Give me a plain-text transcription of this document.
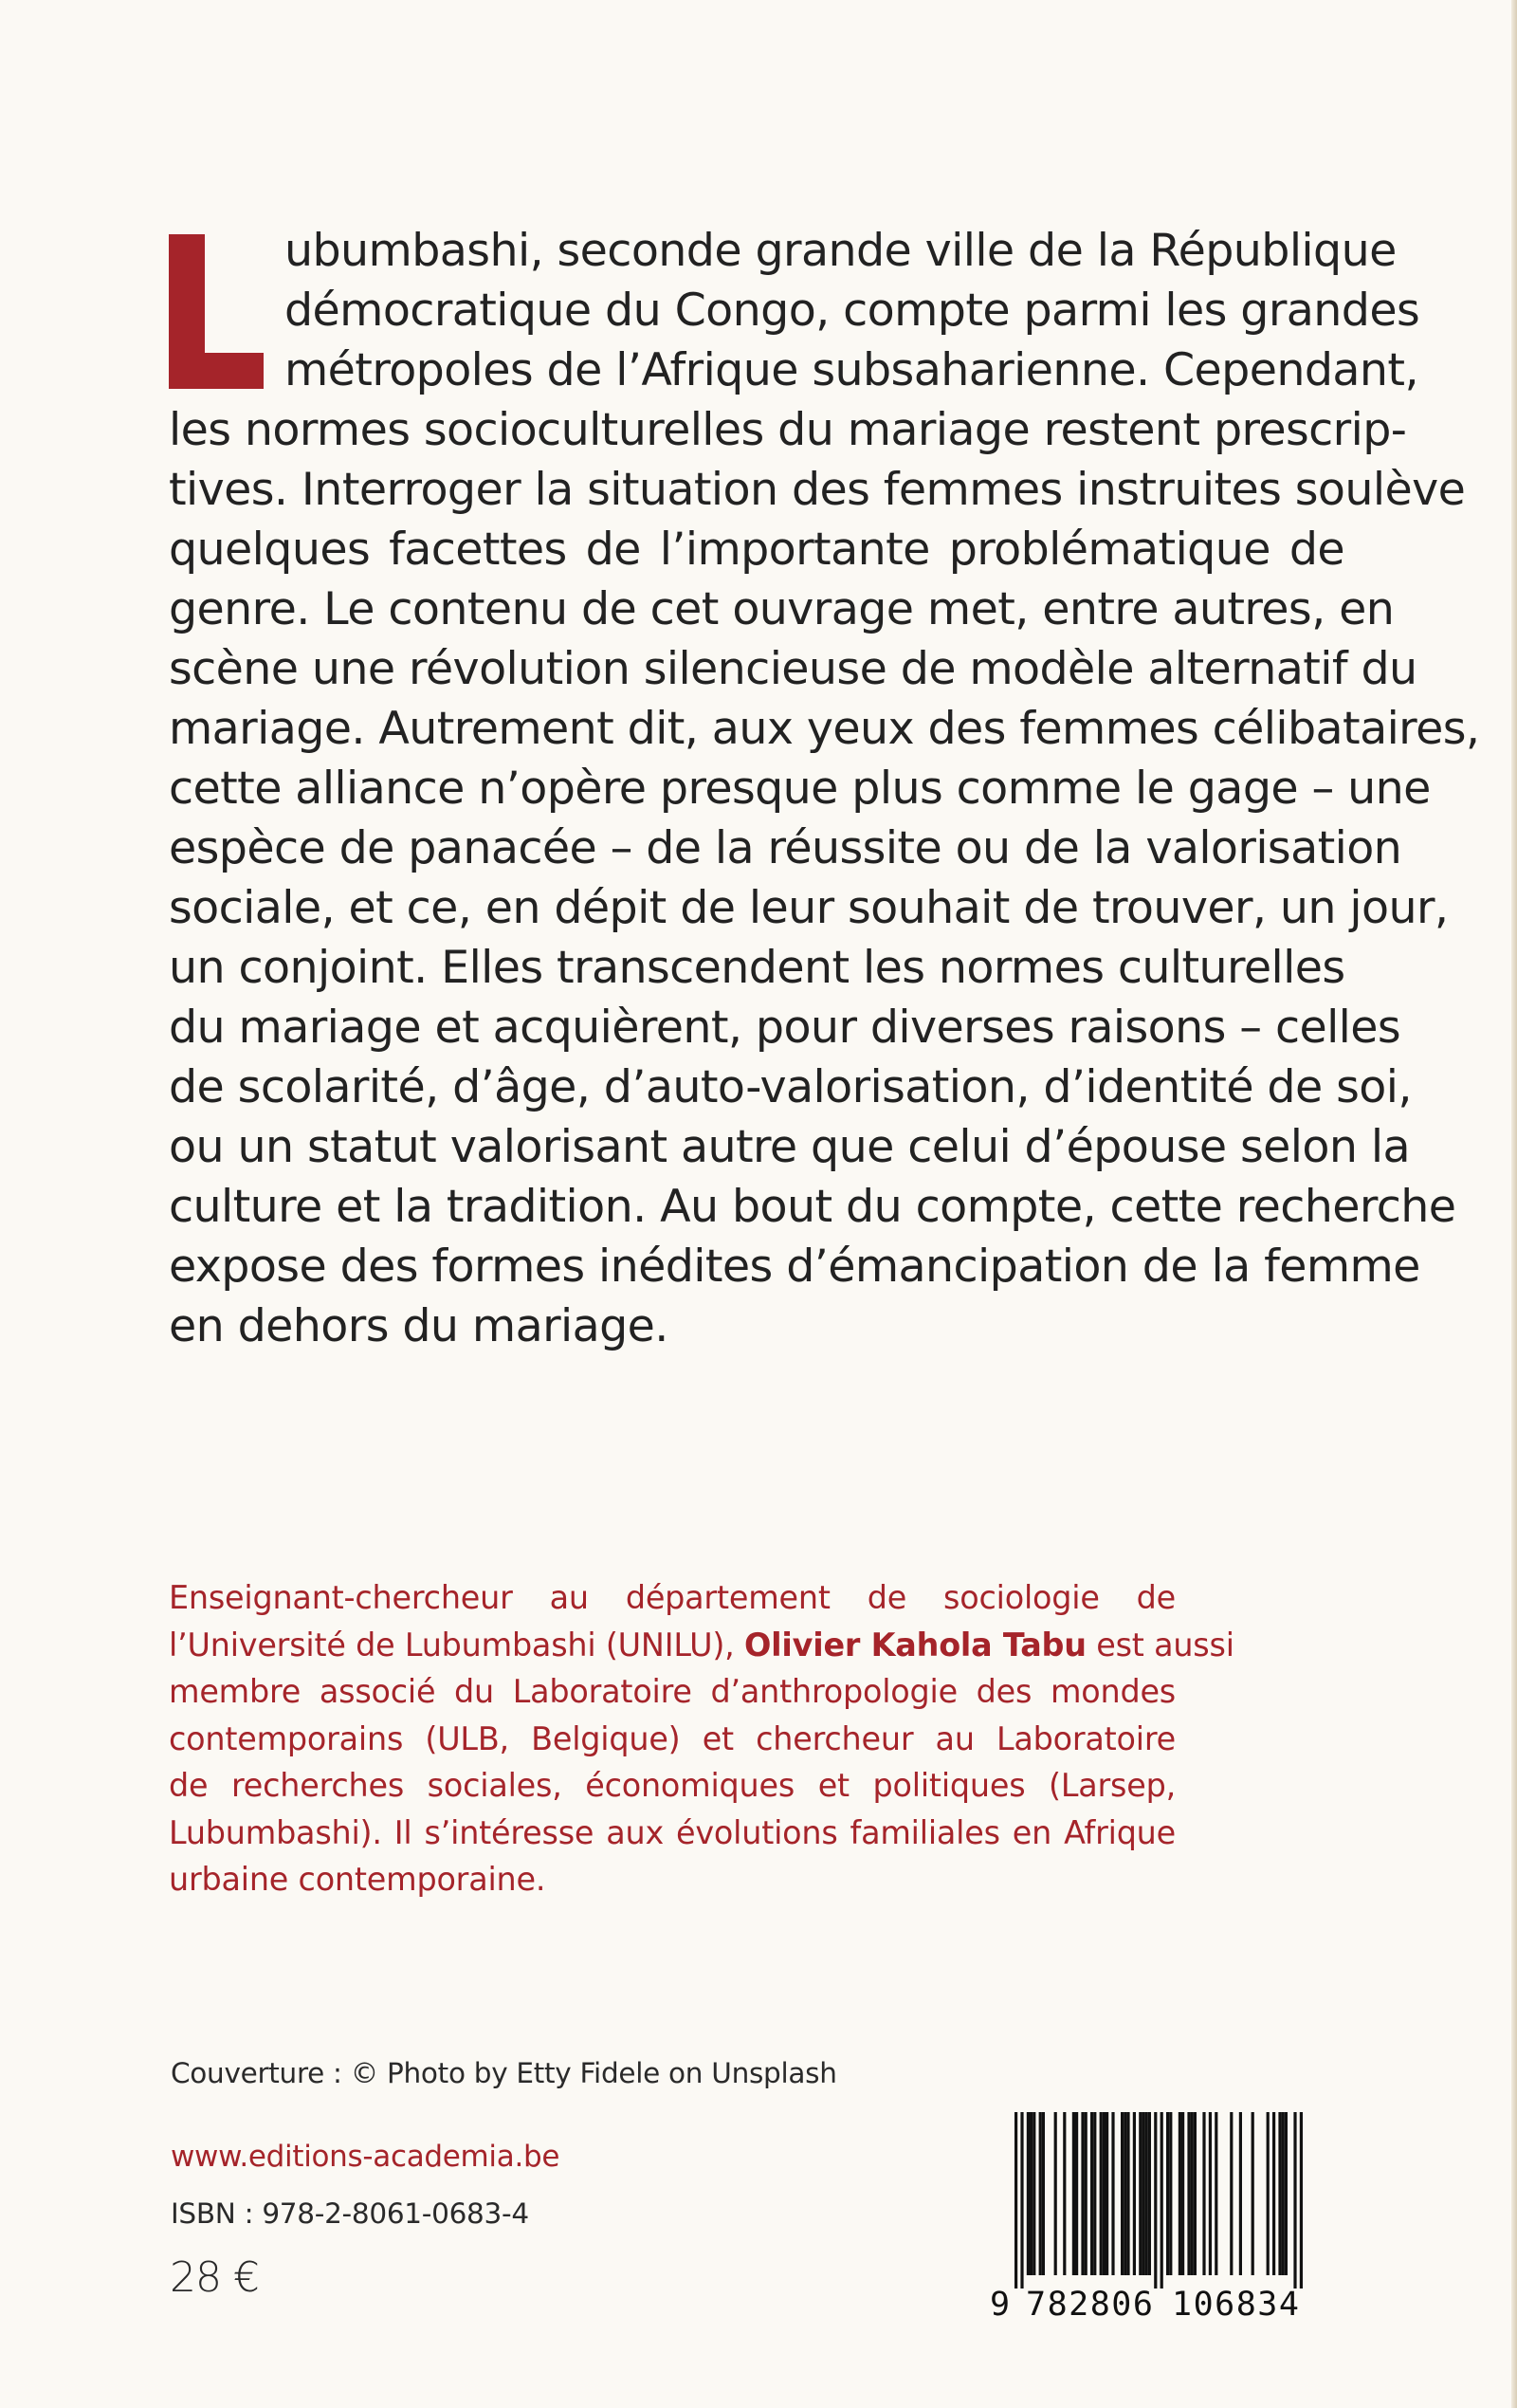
ubumbashi, seconde grande ville de la République
démocratique du Congo, compte parmi les grandes
métropoles de l’Afrique subsaharienne. Cependant,
les normes socioculturelles du mariage restent prescrip-
tives. Interroger la situation des femmes instruites soulève
quelques facettes de l’importante problématique de
genre. Le contenu de cet ouvrage met, entre autres, en
scène une révolution silencieuse de modèle alternatif du
mariage. Autrement dit, aux yeux des femmes célibataires,
cette alliance n’opère presque plus comme le gage – une
espèce de panacée – de la réussite ou de la valorisation
sociale, et ce, en dépit de leur souhait de trouver, un jour,
un conjoint. Elles transcendent les normes culturelles
du mariage et acquièrent, pour diverses raisons – celles
de scolarité, d’âge, d’auto-valorisation, d’identité de soi,
ou un statut valorisant autre que celui d’épouse selon la
culture et la tradition. Au bout du compte, cette recherche
expose des formes inédites d’émancipation de la femme
en dehors du mariage.
Enseignant-chercheur au département de sociologie de
l’Université de Lubumbashi (UNILU), Olivier Kahola Tabu est aussi
membre associé du Laboratoire d’anthropologie des mondes
contemporains (ULB, Belgique) et chercheur au Laboratoire
de recherches sociales, économiques et politiques (Larsep,
Lubumbashi). Il s’intéresse aux évolutions familiales en Afrique
urbaine contemporaine.
Couverture : © Photo by Etty Fidele on Unsplash
www.editions-academia.be
ISBN : 978-2-8061-0683-4
28 €
9 782806 106834
